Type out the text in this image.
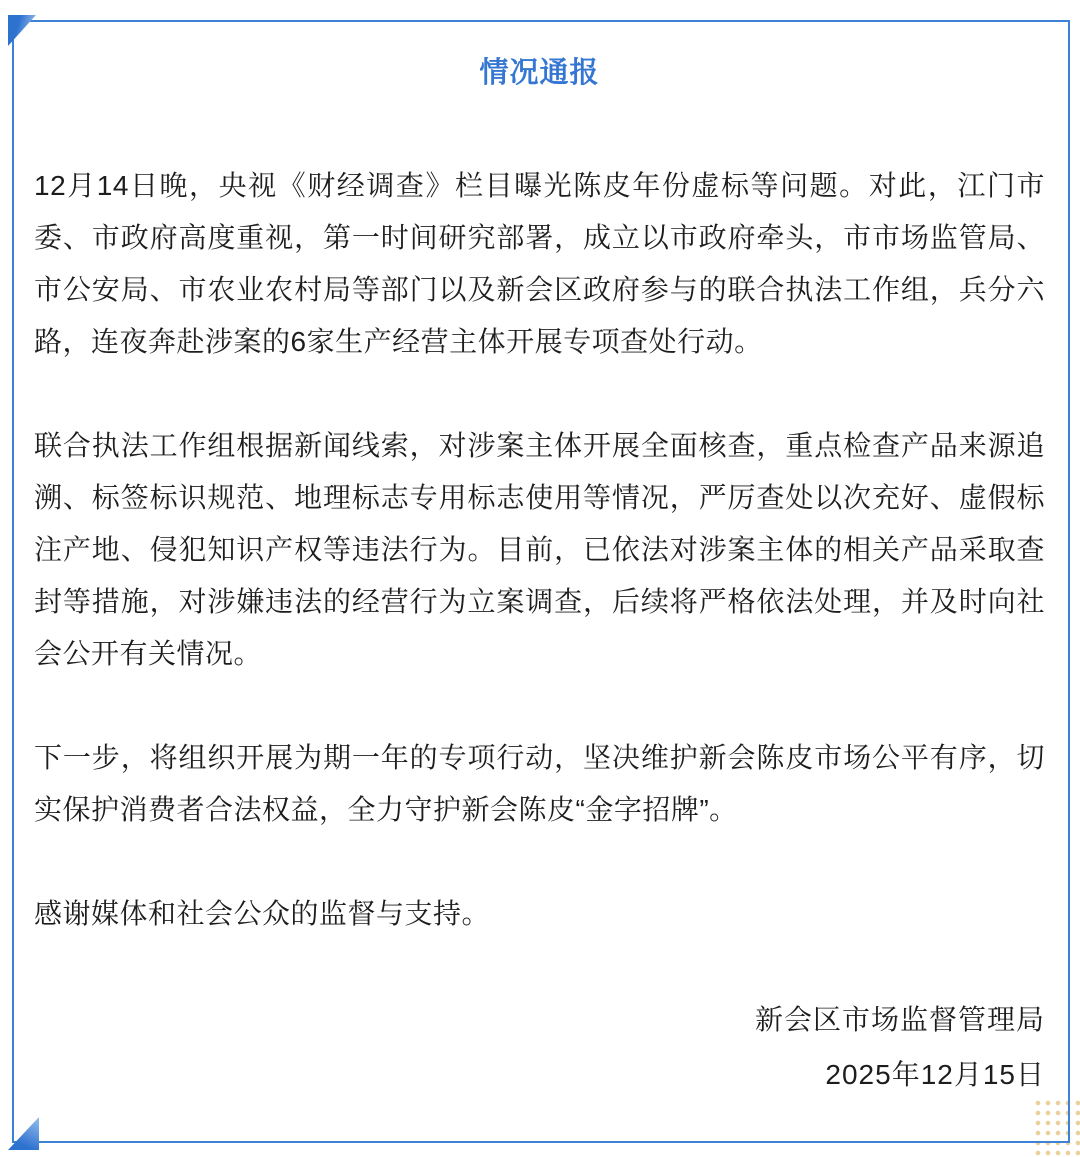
情况通报

12月14日晚，央视《财经调查》栏目曝光陈皮年份虚标等问题。对此，江门市委、市政府高度重视，第一时间研究部署，成立以市政府牵头，市市场监管局、市公安局、市农业农村局等部门以及新会区政府参与的联合执法工作组，兵分六路，连夜奔赴涉案的6家生产经营主体开展专项查处行动。

联合执法工作组根据新闻线索，对涉案主体开展全面核查，重点检查产品来源追溯、标签标识规范、地理标志专用标志使用等情况，严厉查处以次充好、虚假标注产地、侵犯知识产权等违法行为。目前，已依法对涉案主体的相关产品采取查封等措施，对涉嫌违法的经营行为立案调查，后续将严格依法处理，并及时向社会公开有关情况。

下一步，将组织开展为期一年的专项行动，坚决维护新会陈皮市场公平有序，切实保护消费者合法权益，全力守护新会陈皮“金字招牌”。

感谢媒体和社会公众的监督与支持。

新会区市场监督管理局
2025年12月15日
